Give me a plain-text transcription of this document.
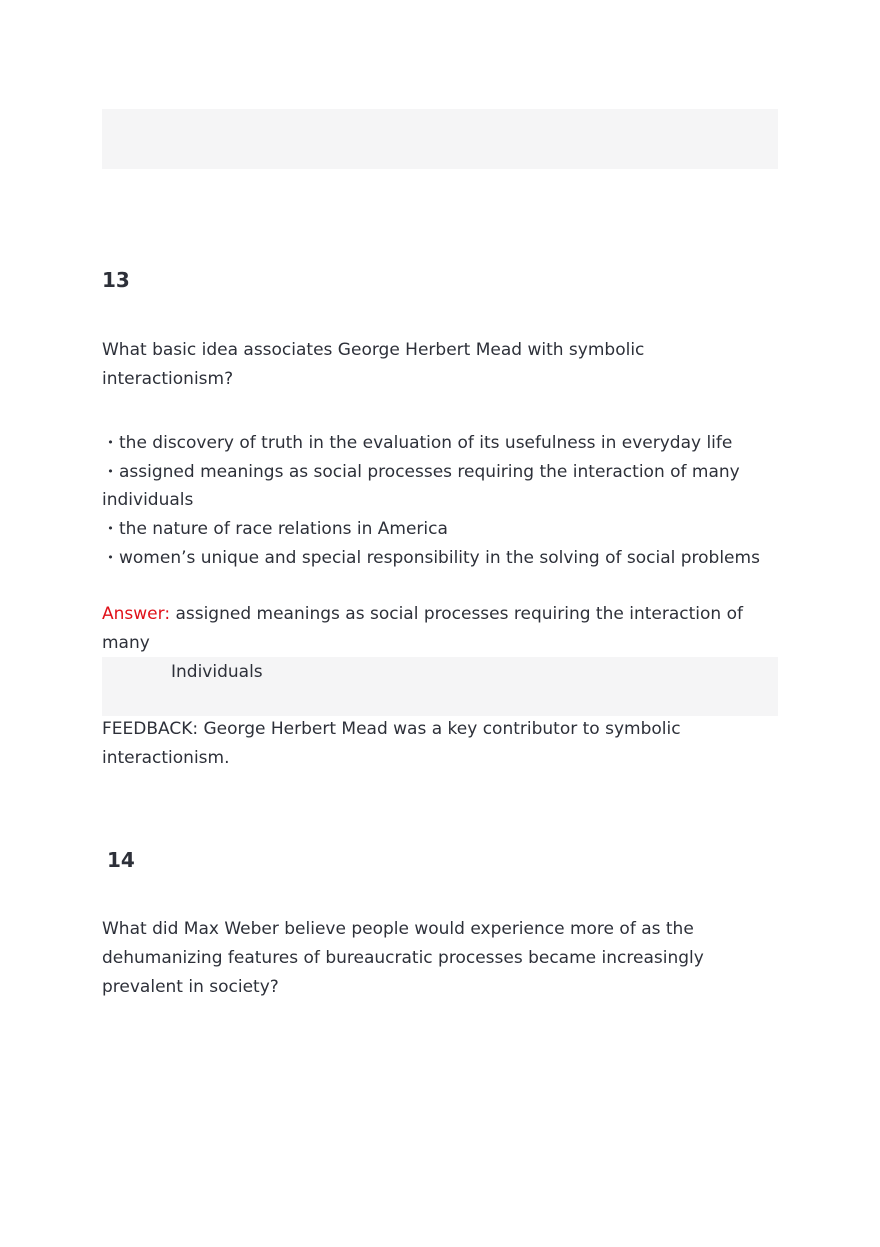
13

What basic idea associates George Herbert Mead with symbolic interactionism?

• the discovery of truth in the evaluation of its usefulness in everyday life
• assigned meanings as social processes requiring the interaction of many individuals
• the nature of race relations in America
• women’s unique and special responsibility in the solving of social problems

Answer: assigned meanings as social processes requiring the interaction of many

Individuals

FEEDBACK: George Herbert Mead was a key contributor to symbolic interactionism.

14

What did Max Weber believe people would experience more of as the dehumanizing features of bureaucratic processes became increasingly prevalent in society?
